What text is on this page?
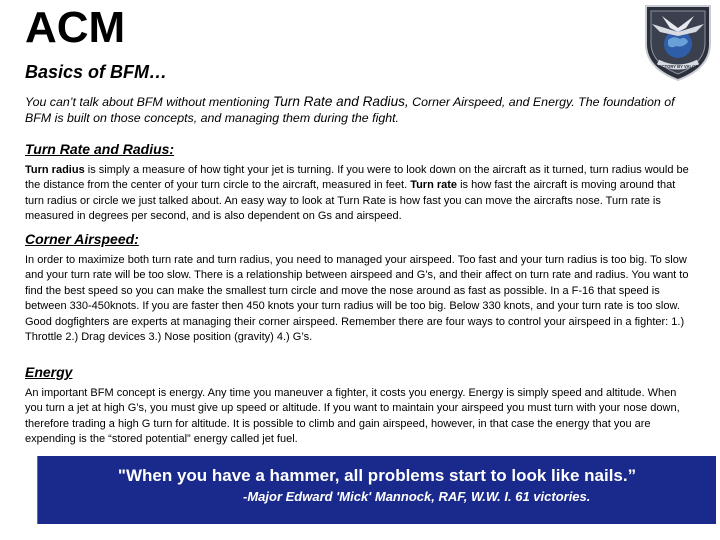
ACM
Basics of BFM…	VICTORY BY VALOR

You can’t talk about BFM without mentioning Turn Rate and Radius, Corner Airspeed, and Energy. The foundation of BFM is built on those concepts, and managing them during the fight.

Turn Rate and Radius:

Turn radius is simply a measure of how tight your jet is turning. If you were to look down on the aircraft as it turned, turn radius would be the distance from the center of your turn circle to the aircraft, measured in feet. Turn rate is how fast the aircraft is moving around that turn radius or circle we just talked about. An easy way to look at Turn Rate is how fast you can move the aircrafts nose. Turn rate is measured in degrees per second, and is also dependent on Gs and airspeed.

Corner Airspeed:

In order to maximize both turn rate and turn radius, you need to managed your airspeed. Too fast and your turn radius is too big. To slow and your turn rate will be too slow. There is a relationship between airspeed and G’s, and their affect on turn rate and radius. You want to find the best speed so you can make the smallest turn circle and move the nose around as fast as possible. In a F-16 that speed is between 330-450knots. If you are faster then 450 knots your turn radius will be too big. Below 330 knots, and your turn rate is too slow. Good dogfighters are experts at managing their corner airspeed. Remember there are four ways to control your airspeed in a fighter: 1.) Throttle 2.) Drag devices 3.) Nose position (gravity) 4.) G’s.

Energy

An important BFM concept is energy. Any time you maneuver a fighter, it costs you energy. Energy is simply speed and altitude. When you turn a jet at high G’s, you must give up speed or altitude. If you want to maintain your airspeed you must turn with your nose down, therefore trading a high G turn for altitude. It is possible to climb and gain airspeed, however, in that case the energy that you are expending is the “stored potential” energy called jet fuel.

"When you have a hammer, all problems start to look like nails.”

-Major Edward 'Mick' Mannock, RAF, W.W. I. 61 victories.
